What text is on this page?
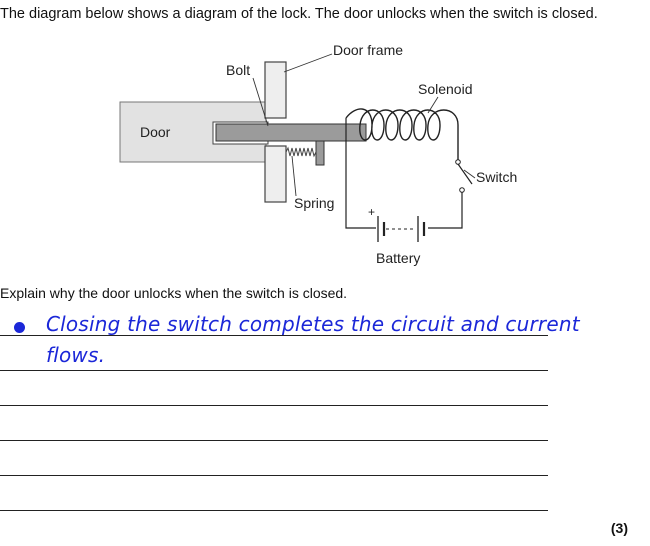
The diagram below shows a diagram of the lock. The door unlocks when the switch is closed.
Door frame
Bolt
Solenoid
Door
Switch
Spring
+
Battery
Explain why the door unlocks when the switch is closed.
Closing the switch completes the circuit and current
flows.
(3)
